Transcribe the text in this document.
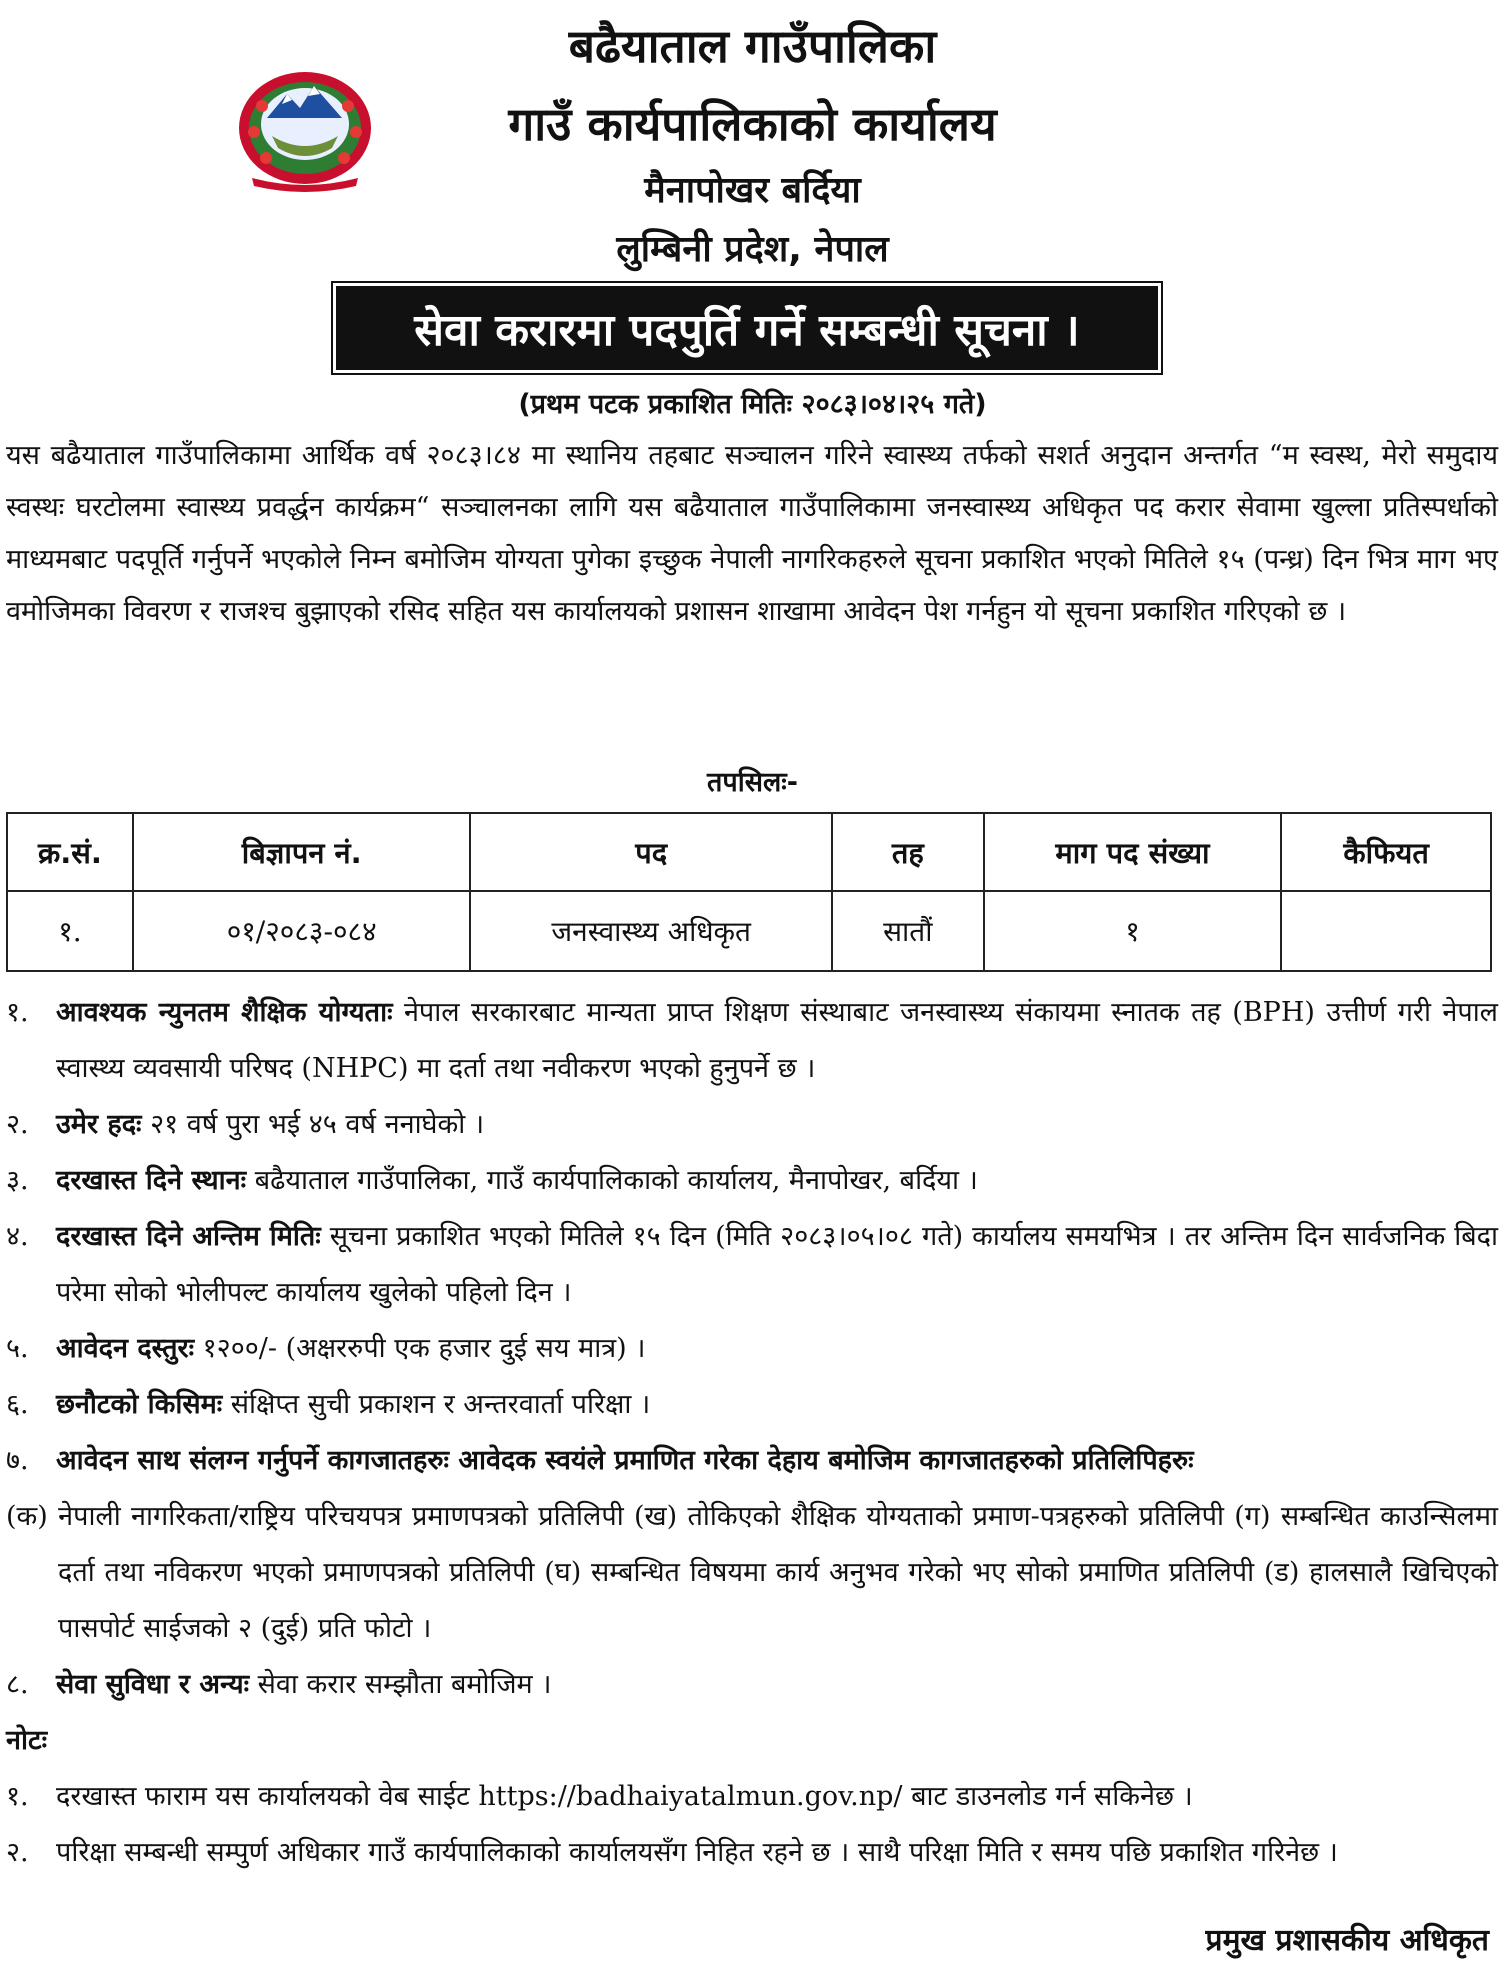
बढैयाताल गाउँपालिका
गाउँ कार्यपालिकाको कार्यालय
मैनापोखर बर्दिया
लुम्बिनी प्रदेश, नेपाल
सेवा करारमा पदपुर्ति गर्ने सम्बन्धी सूचना ।
(प्रथम पटक प्रकाशित मितिः २०८३।०४।२५ गते)

यस बढैयाताल गाउँपालिकामा आर्थिक वर्ष २०८३।८४ मा स्थानिय तहबाट सञ्चालन गरिने स्वास्थ्य तर्फको सशर्त अनुदान अन्तर्गत “म स्वस्थ, मेरो समुदाय स्वस्थः घरटोलमा स्वास्थ्य प्रवर्द्धन कार्यक्रम“ सञ्चालनका लागि यस बढैयाताल गाउँपालिकामा जनस्वास्थ्य अधिकृत पद करार सेवामा खुल्ला प्रतिस्पर्धाको माध्यमबाट पदपूर्ति गर्नुपर्ने भएकोले निम्न बमोजिम योग्यता पुगेका इच्छुक नेपाली नागरिकहरुले सूचना प्रकाशित भएको मितिले १५ (पन्ध्र) दिन भित्र माग भए वमोजिमका विवरण र राजश्च बुझाएको रसिद सहित यस कार्यालयको प्रशासन शाखामा आवेदन पेश गर्नहुन यो सूचना प्रकाशित गरिएको छ ।

तपसिलः-
क्र.सं.	बिज्ञापन नं.	पद	तह	माग पद संख्या	कैफियत
१.	०१/२०८३-०८४	जनस्वास्थ्य अधिकृत	सातौं	१	
१.	आवश्यक न्युनतम शैक्षिक योग्यताः नेपाल सरकारबाट मान्यता प्राप्त शिक्षण संस्थाबाट जनस्वास्थ्य संकायमा स्नातक तह (BPH) उत्तीर्ण गरी नेपाल स्वास्थ्य व्यवसायी परिषद (NHPC) मा दर्ता तथा नवीकरण भएको हुनुपर्ने छ ।
२.	उमेर हदः २१ वर्ष पुरा भई ४५ वर्ष ननाघेको ।
३.	दरखास्त दिने स्थानः बढैयाताल गाउँपालिका, गाउँ कार्यपालिकाको कार्यालय, मैनापोखर, बर्दिया ।
४.	दरखास्त दिने अन्तिम मितिः सूचना प्रकाशित भएको मितिले १५ दिन (मिति २०८३।०५।०८ गते) कार्यालय समयभित्र । तर अन्तिम दिन सार्वजनिक बिदा परेमा सोको भोलीपल्ट कार्यालय खुलेको पहिलो दिन ।
५.	आवेदन दस्तुरः १२००/- (अक्षररुपी एक हजार दुई सय मात्र) ।
६.	छनौटको किसिमः संक्षिप्त सुची प्रकाशन र अन्तरवार्ता परिक्षा ।
७.	आवेदन साथ संलग्न गर्नुपर्ने कागजातहरुः आवेदक स्वयंले प्रमाणित गरेका देहाय बमोजिम कागजातहरुको प्रतिलिपिहरुः
(क) नेपाली नागरिकता/राष्ट्रिय परिचयपत्र प्रमाणपत्रको प्रतिलिपी (ख) तोकिएको शैक्षिक योग्यताको प्रमाण-पत्रहरुको प्रतिलिपी (ग) सम्बन्धित काउन्सिलमा दर्ता तथा नविकरण भएको प्रमाणपत्रको प्रतिलिपी (घ) सम्बन्धित विषयमा कार्य अनुभव गरेको भए सोको प्रमाणित प्रतिलिपी (ड) हालसालै खिचिएको पासपोर्ट साईजको २ (दुई) प्रति फोटो ।
८.	सेवा सुविधा र अन्यः सेवा करार सम्झौता बमोजिम ।
नोटः
१.	दरखास्त फाराम यस कार्यालयको वेब साईट https://badhaiyatalmun.gov.np/ बाट डाउनलोड गर्न सकिनेछ ।
२.	परिक्षा सम्बन्धी सम्पुर्ण अधिकार गाउँ कार्यपालिकाको कार्यालयसँग निहित रहने छ । साथै परिक्षा मिति र समय पछि प्रकाशित गरिनेछ ।
प्रमुख प्रशासकीय अधिकृत
